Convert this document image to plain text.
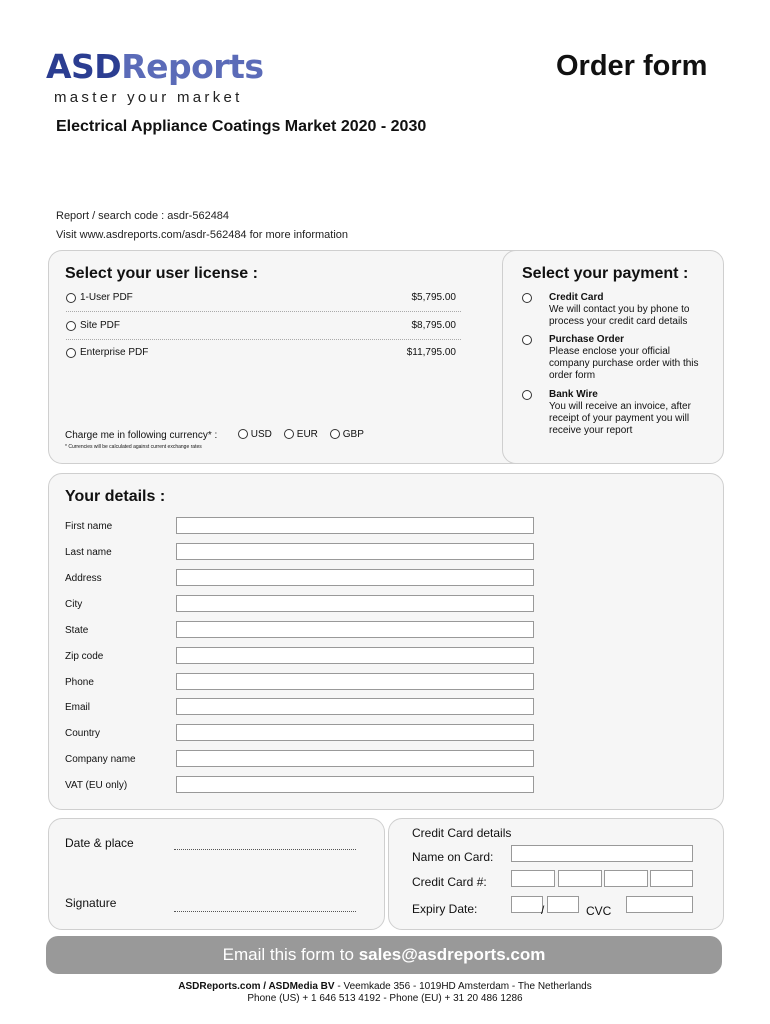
ASDReports
master your market
Order form
Electrical Appliance Coatings Market 2020 - 2030
Report / search code : asdr-562484
Visit www.asdreports.com/asdr-562484 for more information
Select your user license :
1-User PDF	$5,795.00
Site PDF	$8,795.00
Enterprise PDF	$11,795.00
Charge me in following currency* :	USD	EUR	GBP
* Currencies will be calculated against current exchange rates
Select your payment :
Credit Card
We will contact you by phone to process your credit card details
Purchase Order
Please enclose your official company purchase order with this order form
Bank Wire
You will receive an invoice, after receipt of your payment you will receive your report
Your details :
First name
Last name
Address
City
State
Zip code
Phone
Email
Country
Company name
VAT (EU only)
Date & place
Signature
Credit Card details
Name on Card:
Credit Card #:
Expiry Date:	/	CVC
Email this form to sales@asdreports.com
ASDReports.com / ASDMedia BV - Veemkade 356 - 1019HD Amsterdam - The Netherlands
Phone (US) + 1 646 513 4192 - Phone (EU) + 31 20 486 1286
